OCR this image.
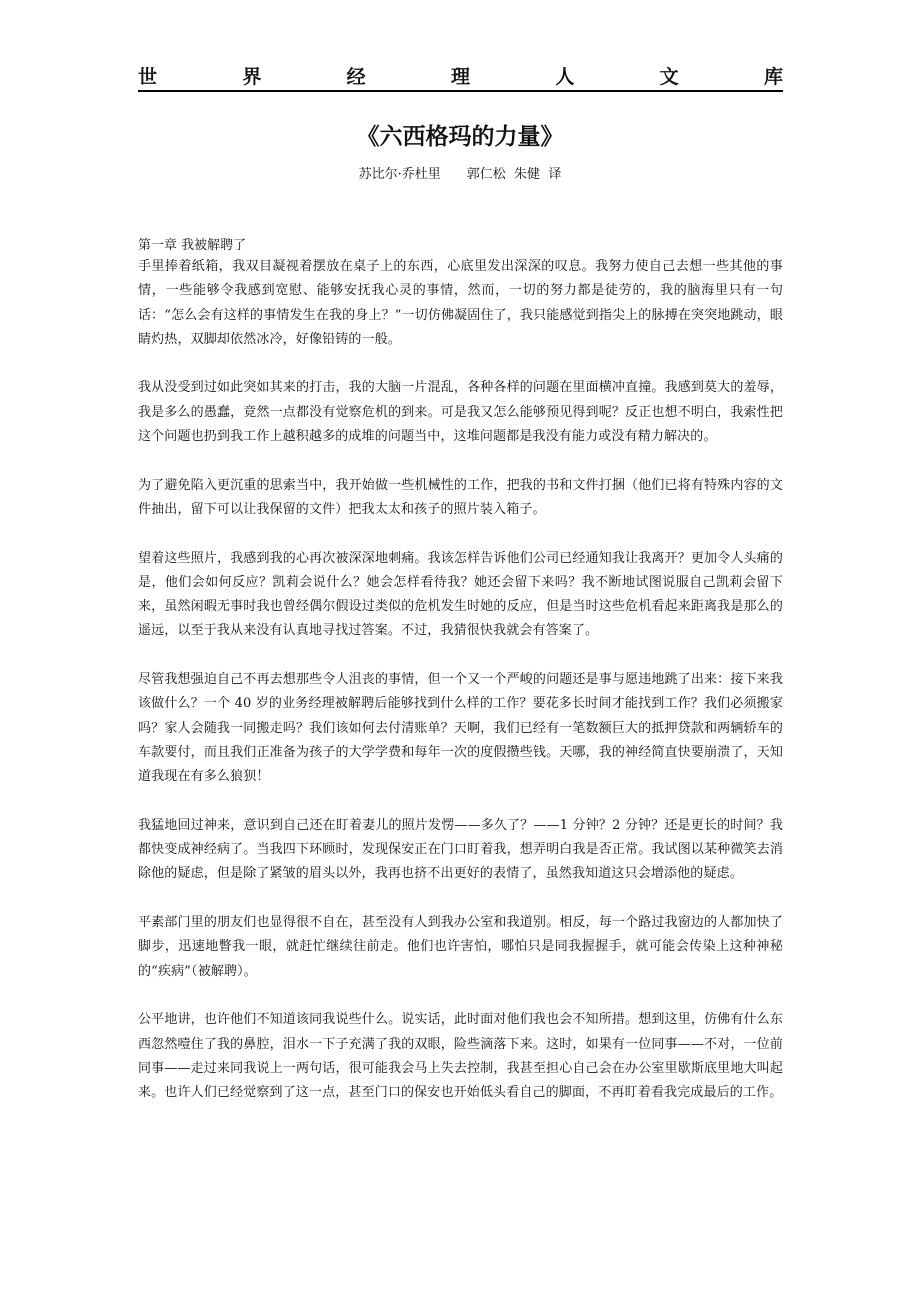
世	界	经	理	人	文	库
《六西格玛的力量》
苏比尔·乔杜里　　郭仁松  朱健  译

第一章 我被解聘了

手里捧着纸箱，我双目凝视着摆放在桌子上的东西，心底里发出深深的叹息。我努力使自己去想一些其他的事情，一些能够令我感到宽慰、能够安抚我心灵的事情，然而，一切的努力都是徒劳的，我的脑海里只有一句话：“怎么会有这样的事情发生在我的身上？”一切仿佛凝固住了，我只能感觉到指尖上的脉搏在突突地跳动，眼睛灼热，双脚却依然冰冷，好像铅铸的一般。

我从没受到过如此突如其来的打击，我的大脑一片混乱，各种各样的问题在里面横冲直撞。我感到莫大的羞辱，我是多么的愚蠢，竟然一点都没有觉察危机的到来。可是我又怎么能够预见得到呢？反正也想不明白，我索性把这个问题也扔到我工作上越积越多的成堆的问题当中，这堆问题都是我没有能力或没有精力解决的。

为了避免陷入更沉重的思索当中，我开始做一些机械性的工作，把我的书和文件打捆（他们已将有特殊内容的文件抽出，留下可以让我保留的文件）把我太太和孩子的照片装入箱子。

望着这些照片，我感到我的心再次被深深地刺痛。我该怎样告诉他们公司已经通知我让我离开？更加令人头痛的是，他们会如何反应？凯莉会说什么？她会怎样看待我？她还会留下来吗？我不断地试图说服自己凯莉会留下来，虽然闲暇无事时我也曾经偶尔假设过类似的危机发生时她的反应，但是当时这些危机看起来距离我是那么的遥远，以至于我从来没有认真地寻找过答案。不过，我猜很快我就会有答案了。

尽管我想强迫自己不再去想那些令人沮丧的事情，但一个又一个严峻的问题还是事与愿违地跳了出来：接下来我该做什么？一个 40 岁的业务经理被解聘后能够找到什么样的工作？要花多长时间才能找到工作？我们必须搬家吗？家人会随我一同搬走吗？我们该如何去付清账单？天啊，我们已经有一笔数额巨大的抵押贷款和两辆轿车的车款要付，而且我们正准备为孩子的大学学费和每年一次的度假攒些钱。天哪，我的神经简直快要崩溃了，天知道我现在有多么狼狈！

我猛地回过神来，意识到自己还在盯着妻儿的照片发愣——多久了？——1 分钟？2 分钟？还是更长的时间？我都快变成神经病了。当我四下环顾时，发现保安正在门口盯着我，想弄明白我是否正常。我试图以某种微笑去消除他的疑虑，但是除了紧皱的眉头以外，我再也挤不出更好的表情了，虽然我知道这只会增添他的疑虑。

平素部门里的朋友们也显得很不自在，甚至没有人到我办公室和我道别。相反，每一个路过我窗边的人都加快了脚步，迅速地瞥我一眼，就赶忙继续往前走。他们也许害怕，哪怕只是同我握握手，就可能会传染上这种神秘的“疾病”（被解聘）。

公平地讲，也许他们不知道该同我说些什么。说实话，此时面对他们我也会不知所措。想到这里，仿佛有什么东西忽然噎住了我的鼻腔，泪水一下子充满了我的双眼，险些滴落下来。这时，如果有一位同事——不对，一位前同事——走过来同我说上一两句话，很可能我会马上失去控制，我甚至担心自己会在办公室里歇斯底里地大叫起来。也许人们已经觉察到了这一点，甚至门口的保安也开始低头看自己的脚面，不再盯着看我完成最后的工作。
